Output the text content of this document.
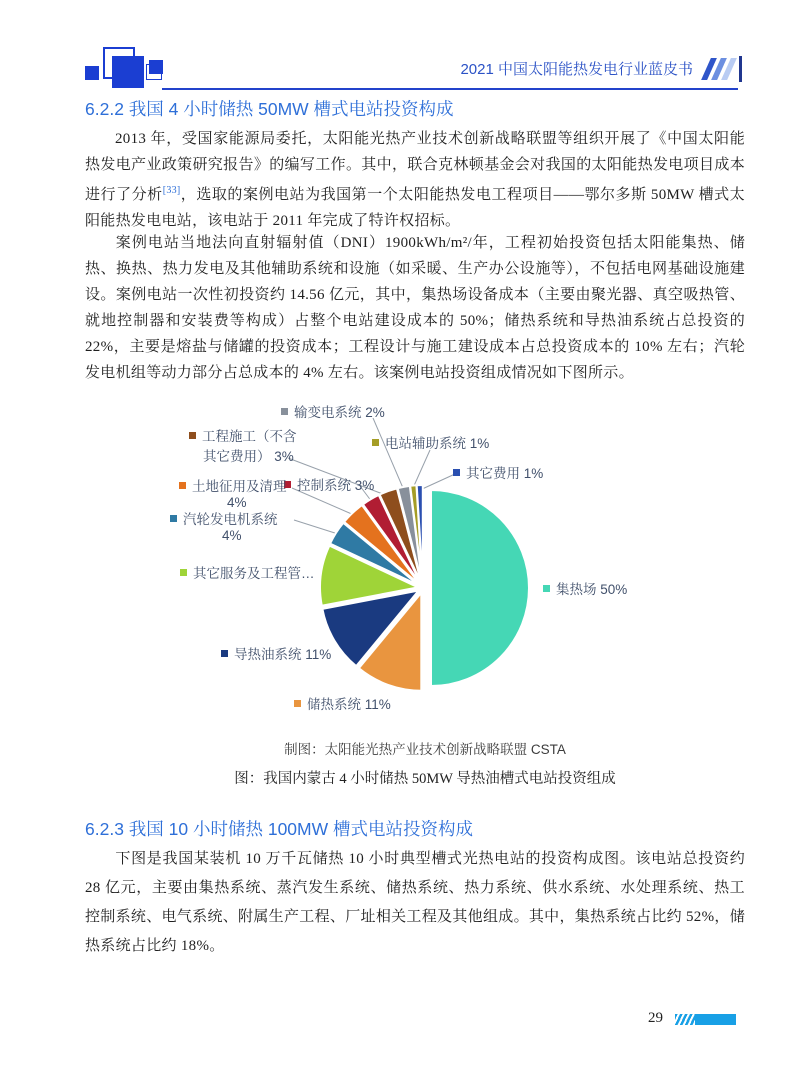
2021 中国太阳能热发电行业蓝皮书
6.2.2 我国 4 小时储热 50MW 槽式电站投资构成
2013 年，受国家能源局委托，太阳能光热产业技术创新战略联盟等组织开展了《中国太阳能热发电产业政策研究报告》的编写工作。其中，联合克林顿基金会对我国的太阳能热发电项目成本进行了分析[33]，选取的案例电站为我国第一个太阳能热发电工程项目——鄂尔多斯 50MW 槽式太阳能热发电电站，该电站于 2011 年完成了特许权招标。
案例电站当地法向直射辐射值（DNI）1900kWh/m²/年，工程初始投资包括太阳能集热、储热、换热、热力发电及其他辅助系统和设施（如采暖、生产办公设施等），不包括电网基础设施建设。案例电站一次性初投资约 14.56 亿元，其中，集热场设备成本（主要由聚光器、真空吸热管、就地控制器和安装费等构成）占整个电站建设成本的 50%；储热系统和导热油系统占总投资的 22%，主要是熔盐与储罐的投资成本；工程设计与施工建设成本占总投资成本的 10% 左右；汽轮发电机组等动力部分占总成本的 4% 左右。该案例电站投资组成情况如下图所示。
输变电系统 2%
工程施工（不含
其它费用） 3%
电站辅助系统 1%
其它费用 1%
控制系统 3%
土地征用及清理
4%
汽轮发电机系统
4%
其它服务及工程管…
导热油系统 11%
储热系统 11%
集热场 50%
制图：太阳能光热产业技术创新战略联盟 CSTA
图：我国内蒙古 4 小时储热 50MW 导热油槽式电站投资组成
6.2.3 我国 10 小时储热 100MW 槽式电站投资构成
下图是我国某装机 10 万千瓦储热 10 小时典型槽式光热电站的投资构成图。该电站总投资约 28 亿元，主要由集热系统、蒸汽发生系统、储热系统、热力系统、供水系统、水处理系统、热工控制系统、电气系统、附属生产工程、厂址相关工程及其他组成。其中，集热系统占比约 52%，储热系统占比约 18%。
29
